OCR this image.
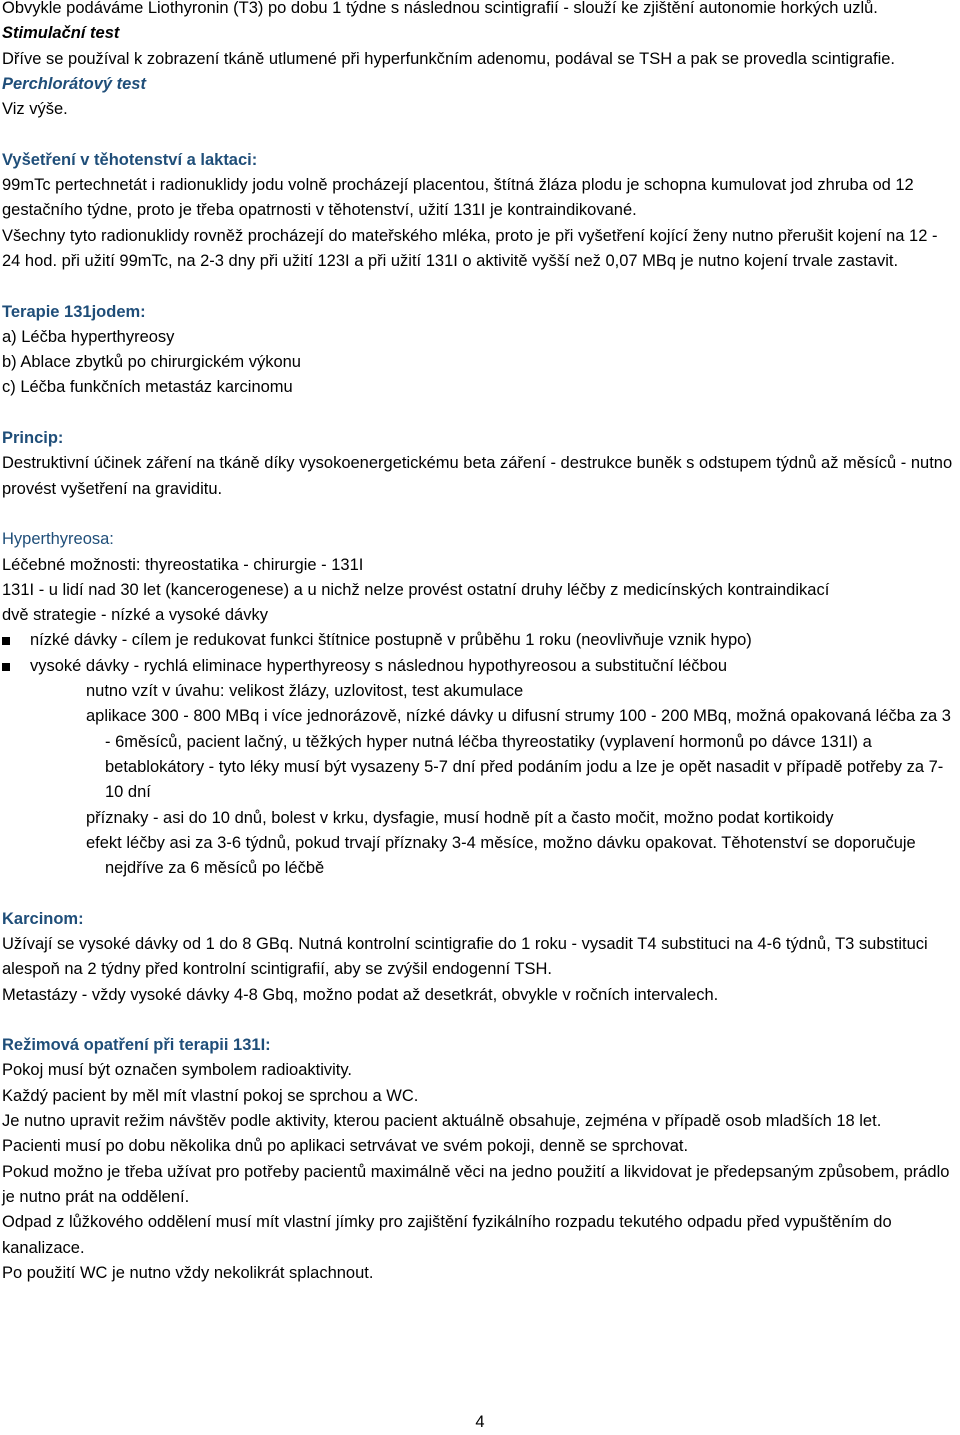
Obvykle podáváme Liothyronin (T3) po dobu 1 týdne s následnou scintigrafií - slouží ke zjištění autonomie horkých uzlů.

Stimulační test

Dříve se používal k zobrazení tkáně utlumené při hyperfunkčním adenomu, podával se TSH a pak se provedla scintigrafie.

Perchlorátový test

Viz výše.

Vyšetření v těhotenství a laktaci:

99mTc pertechnetát i radionuklidy jodu volně procházejí placentou, štítná žláza plodu je schopna kumulovat jod zhruba od 12 gestačního týdne, proto je třeba opatrnosti v těhotenství, užití 131I je kontraindikované.

Všechny tyto radionuklidy rovněž procházejí do mateřského mléka, proto je při vyšetření kojící ženy nutno přerušit kojení na 12 - 24 hod. při užití 99mTc, na 2-3 dny při užití 123I a při užití 131I o aktivitě vyšší než 0,07 MBq je nutno kojení trvale zastavit.

Terapie 131jodem:

a) Léčba hyperthyreosy

b) Ablace zbytků po chirurgickém výkonu

c) Léčba funkčních metastáz karcinomu

Princip:

Destruktivní účinek záření na tkáně díky vysokoenergetickému beta záření - destrukce buněk s odstupem týdnů až měsíců - nutno provést vyšetření na graviditu.

Hyperthyreosa:

Léčebné možnosti: thyreostatika - chirurgie - 131I

131I - u lidí nad 30 let (kancerogenese) a u nichž nelze provést ostatní druhy léčby z medicínských kontraindikací

dvě strategie - nízké a vysoké dávky

nízké dávky - cílem je redukovat funkci štítnice postupně v průběhu 1 roku (neovlivňuje vznik hypo)
vysoké dávky - rychlá eliminace hyperthyreosy s následnou hypothyreosou a substituční léčbou

nutno vzít v úvahu: velikost žlázy, uzlovitost, test akumulace

aplikace 300 - 800 MBq i více jednorázově, nízké dávky u difusní strumy 100 - 200 MBq, možná opakovaná léčba za 3 - 6měsíců, pacient lačný, u těžkých hyper nutná léčba thyreostatiky (vyplavení hormonů po dávce 131I) a betablokátory - tyto léky musí být vysazeny 5-7 dní před podáním jodu a lze je opět nasadit v případě potřeby za 7-10 dní

příznaky - asi do 10 dnů, bolest v krku, dysfagie, musí hodně pít a často močit, možno podat kortikoidy

efekt léčby asi za 3-6 týdnů, pokud trvají příznaky 3-4 měsíce, možno dávku opakovat. Těhotenství se doporučuje nejdříve za 6 měsíců po léčbě

Karcinom:

Užívají se vysoké dávky od 1 do 8 GBq. Nutná kontrolní scintigrafie do 1 roku - vysadit T4 substituci na 4-6 týdnů, T3 substituci alespoň na 2 týdny před kontrolní scintigrafií, aby se zvýšil endogenní TSH.

Metastázy - vždy vysoké dávky 4-8 Gbq, možno podat až desetkrát, obvykle v ročních intervalech.

Režimová opatření při terapii 131I:

Pokoj musí být označen symbolem radioaktivity.

Každý pacient by měl mít vlastní pokoj se sprchou a WC.

Je nutno upravit režim návštěv podle aktivity, kterou pacient aktuálně obsahuje, zejména v případě osob mladších 18 let.

Pacienti musí po dobu několika dnů po aplikaci setrvávat ve svém pokoji, denně se sprchovat.

Pokud možno je třeba užívat pro potřeby pacientů maximálně věci na jedno použití a likvidovat je předepsaným způsobem, prádlo je nutno prát na oddělení.

Odpad z lůžkového oddělení musí mít vlastní jímky pro zajištění fyzikálního rozpadu tekutého odpadu před vypuštěním do kanalizace.

Po použití WC je nutno vždy nekolikrát splachnout.

4
